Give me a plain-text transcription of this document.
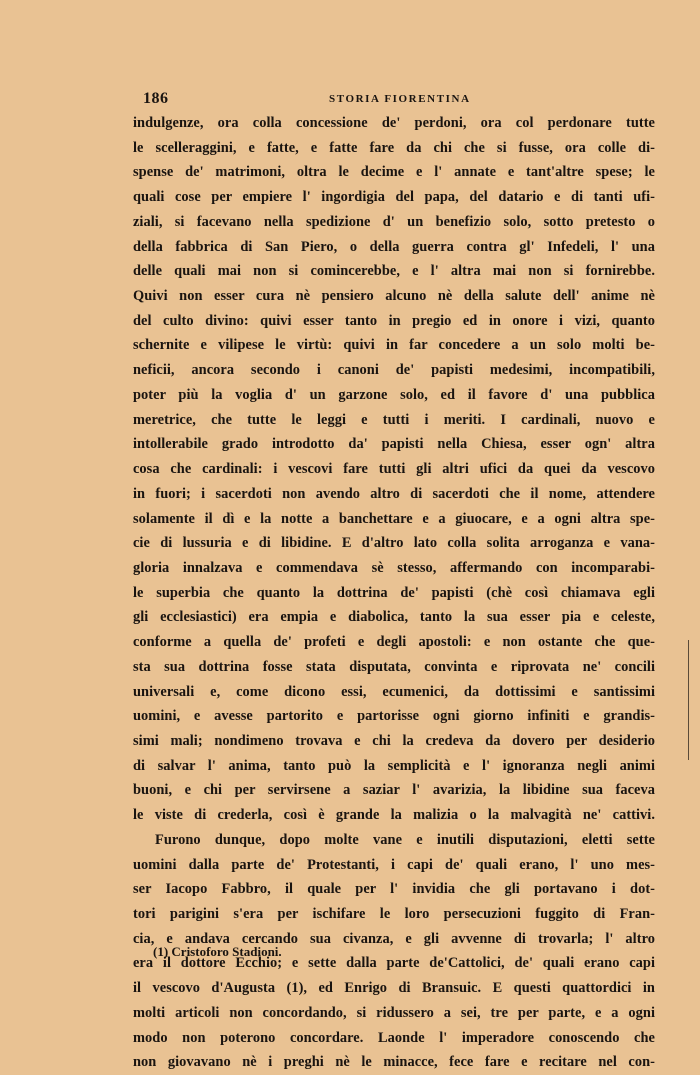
186	STORIA FIORENTINA
indulgenze, ora colla concessione de' perdoni, ora col perdonare tutte
le scelleraggini, e fatte, e fatte fare da chi che si fusse, ora colle di-
spense de' matrimoni, oltra le decime e l' annate e tant'altre spese; le
quali cose per empiere l' ingordigia del papa, del datario e di tanti ufi-
ziali, si facevano nella spedizione d' un benefizio solo, sotto pretesto o
della fabbrica di San Piero, o della guerra contra gl' Infedeli, l' una
delle quali mai non si comincerebbe, e l' altra mai non si fornirebbe.
Quivi non esser cura nè pensiero alcuno nè della salute dell' anime nè
del culto divino: quivi esser tanto in pregio ed in onore i vizi, quanto
schernite e vilipese le virtù: quivi in far concedere a un solo molti be-
neficii, ancora secondo i canoni de' papisti medesimi, incompatibili,
poter più la voglia d' un garzone solo, ed il favore d' una pubblica
meretrice, che tutte le leggi e tutti i meriti. I cardinali, nuovo e
intollerabile grado introdotto da' papisti nella Chiesa, esser ogn' altra
cosa che cardinali: i vescovi fare tutti gli altri ufici da quei da vescovo
in fuori; i sacerdoti non avendo altro di sacerdoti che il nome, attendere
solamente il dì e la notte a banchettare e a giuocare, e a ogni altra spe-
cie di lussuria e di libidine. E d'altro lato colla solita arroganza e vana-
gloria innalzava e commendava sè stesso, affermando con incomparabi-
le superbia che quanto la dottrina de' papisti (chè così chiamava egli
gli ecclesiastici) era empia e diabolica, tanto la sua esser pia e celeste,
conforme a quella de' profeti e degli apostoli: e non ostante che que-
sta sua dottrina fosse stata disputata, convinta e riprovata ne' concili
universali e, come dicono essi, ecumenici, da dottissimi e santissimi
uomini, e avesse partorito e partorisse ogni giorno infiniti e grandis-
simi mali; nondimeno trovava e chi la credeva da dovero per desiderio
di salvar l' anima, tanto può la semplicità e l' ignoranza negli animi
buoni, e chi per servirsene a saziar l' avarizia, la libidine sua faceva
le viste di crederla, così è grande la malizia o la malvagità ne' cattivi.
Furono dunque, dopo molte vane e inutili disputazioni, eletti sette
uomini dalla parte de' Protestanti, i capi de' quali erano, l' uno mes-
ser Iacopo Fabbro, il quale per l' invidia che gli portavano i dot-
tori parigini s'era per ischifare le loro persecuzioni fuggito di Fran-
cia, e andava cercando sua civanza, e gli avvenne di trovarla; l' altro
era il dottore Ecchio; e sette dalla parte de'Cattolici, de' quali erano capi
il vescovo d'Augusta (1), ed Enrigo di Bransuic. E questi quattordici in
molti articoli non concordando, si ridussero a sei, tre per parte, e a ogni
modo non poterono concordare. Laonde l' imperadore conoscendo che
non giovavano nè i preghi nè le minacce, fece fare e recitare nel con-
(1) Cristoforo Stadioni.
